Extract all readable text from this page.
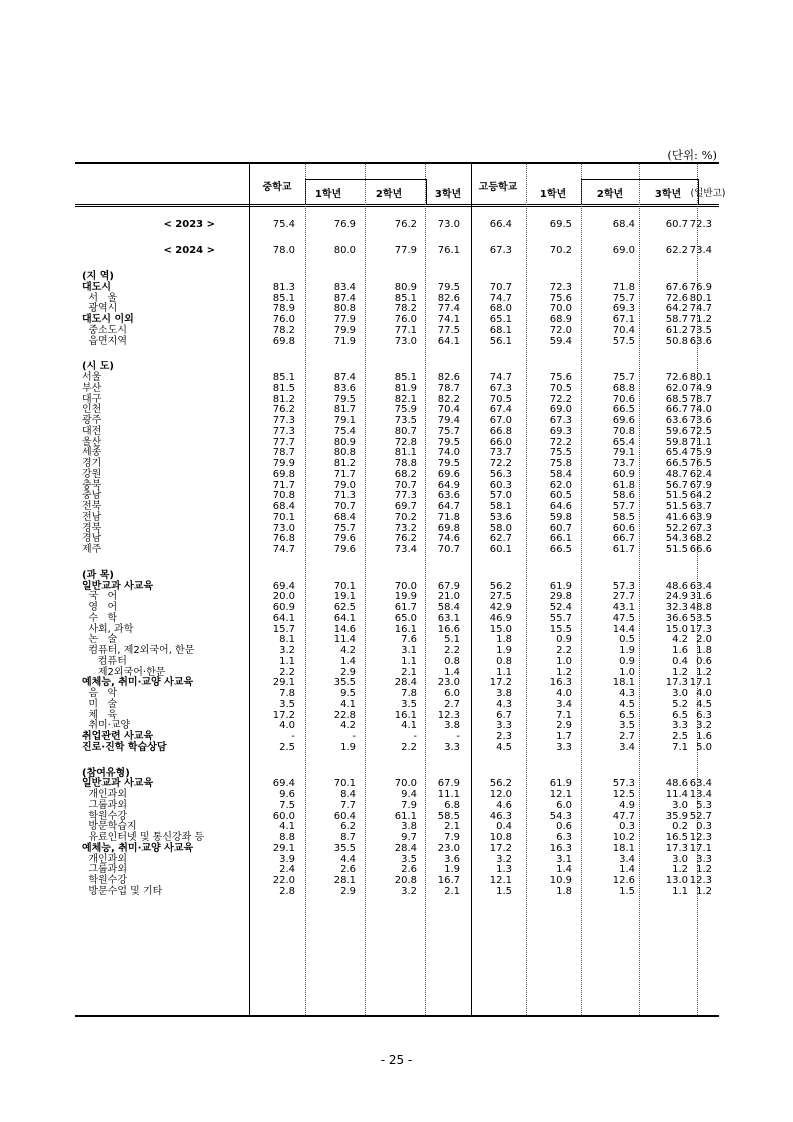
(단위: %)
중학교
1학년	2학년	3학년
고등학교
1학년	2학년	3학년 (일반고)
< 2023 >	75.4	76.9	76.2	73.0	66.4	69.5	68.4	60.7 72.3
< 2024 >	78.0	80.0	77.9	76.1	67.3	70.2	69.0	62.2 73.4
(지 역)
대도시	81.3	83.4	80.9	79.5	70.7	72.3	71.8	67.6 76.9
서   울	85.1	87.4	85.1	82.6	74.7	75.6	75.7	72.6 80.1
광역시	78.9	80.8	78.2	77.4	68.0	70.0	69.3	64.2 74.7
대도시 이외	76.0	77.9	76.0	74.1	65.1	68.9	67.1	58.7 71.2
중소도시	78.2	79.9	77.1	77.5	68.1	72.0	70.4	61.2 73.5
읍면지역	69.8	71.9	73.0	64.1	56.1	59.4	57.5	50.8 63.6
(시 도)
서울	85.1	87.4	85.1	82.6	74.7	75.6	75.7	72.6 80.1
부산	81.5	83.6	81.9	78.7	67.3	70.5	68.8	62.0 74.9
대구	81.2	79.5	82.1	82.2	70.5	72.2	70.6	68.5 78.7
인천	76.2	81.7	75.9	70.4	67.4	69.0	66.5	66.7 74.0
광주	77.3	79.1	73.5	79.4	67.0	67.3	69.6	63.6 73.6
대전	77.3	75.4	80.7	75.7	66.8	69.3	70.8	59.6 72.5
울산	77.7	80.9	72.8	79.5	66.0	72.2	65.4	59.8 71.1
세종	78.7	80.8	81.1	74.0	73.7	75.5	79.1	65.4 75.9
경기	79.9	81.2	78.8	79.5	72.2	75.8	73.7	66.5 76.5
강원	69.8	71.7	68.2	69.6	56.3	58.4	60.9	48.7 62.4
충북	71.7	79.0	70.7	64.9	60.3	62.0	61.8	56.7 67.9
충남	70.8	71.3	77.3	63.6	57.0	60.5	58.6	51.5 64.2
전북	68.4	70.7	69.7	64.7	58.1	64.6	57.7	51.5 63.7
전남	70.1	68.4	70.2	71.8	53.6	59.8	58.5	41.6 63.9
경북	73.0	75.7	73.2	69.8	58.0	60.7	60.6	52.2 67.3
경남	76.8	79.6	76.2	74.6	62.7	66.1	66.7	54.3 68.2
제주	74.7	79.6	73.4	70.7	60.1	66.5	61.7	51.5 66.6
(과 목)
일반교과 사교육	69.4	70.1	70.0	67.9	56.2	61.9	57.3	48.6 63.4
국   어	20.0	19.1	19.9	21.0	27.5	29.8	27.7	24.9 31.6
영   어	60.9	62.5	61.7	58.4	42.9	52.4	43.1	32.3 48.8
수   학	64.1	64.1	65.0	63.1	46.9	55.7	47.5	36.6 53.5
사회, 과학	15.7	14.6	16.1	16.6	15.0	15.5	14.4	15.0 17.3
논   술	8.1	11.4	7.6	5.1	1.8	0.9	0.5	4.2 2.0
컴퓨터, 제2외국어, 한문	3.2	4.2	3.1	2.2	1.9	2.2	1.9	1.6 1.8
컴퓨터	1.1	1.4	1.1	0.8	0.8	1.0	0.9	0.4 0.6
제2외국어·한문	2.2	2.9	2.1	1.4	1.1	1.2	1.0	1.2 1.2
예체능, 취미·교양 사교육	29.1	35.5	28.4	23.0	17.2	16.3	18.1	17.3 17.1
음   악	7.8	9.5	7.8	6.0	3.8	4.0	4.3	3.0 4.0
미   술	3.5	4.1	3.5	2.7	4.3	3.4	4.5	5.2 4.5
체   육	17.2	22.8	16.1	12.3	6.7	7.1	6.5	6.5 6.3
취미·교양	4.0	4.2	4.1	3.8	3.3	2.9	3.5	3.3 3.2
취업관련 사교육	-	-	-	-	2.3	1.7	2.7	2.5 1.6
진로·진학 학습상담	2.5	1.9	2.2	3.3	4.5	3.3	3.4	7.1 5.0
(참여유형)
일반교과 사교육	69.4	70.1	70.0	67.9	56.2	61.9	57.3	48.6 63.4
개인과외	9.6	8.4	9.4	11.1	12.0	12.1	12.5	11.4 13.4
그룹과외	7.5	7.7	7.9	6.8	4.6	6.0	4.9	3.0 5.3
학원수강	60.0	60.4	61.1	58.5	46.3	54.3	47.7	35.9 52.7
방문학습지	4.1	6.2	3.8	2.1	0.4	0.6	0.3	0.2 0.3
유료인터넷 및 통신강좌 등	8.8	8.7	9.7	7.9	10.8	6.3	10.2	16.5 12.3
예체능, 취미·교양 사교육	29.1	35.5	28.4	23.0	17.2	16.3	18.1	17.3 17.1
개인과외	3.9	4.4	3.5	3.6	3.2	3.1	3.4	3.0 3.3
그룹과외	2.4	2.6	2.6	1.9	1.3	1.4	1.4	1.2 1.2
학원수강	22.0	28.1	20.8	16.7	12.1	10.9	12.6	13.0 12.3
방문수업 및 기타	2.8	2.9	3.2	2.1	1.5	1.8	1.5	1.1 1.2
- 25 -
